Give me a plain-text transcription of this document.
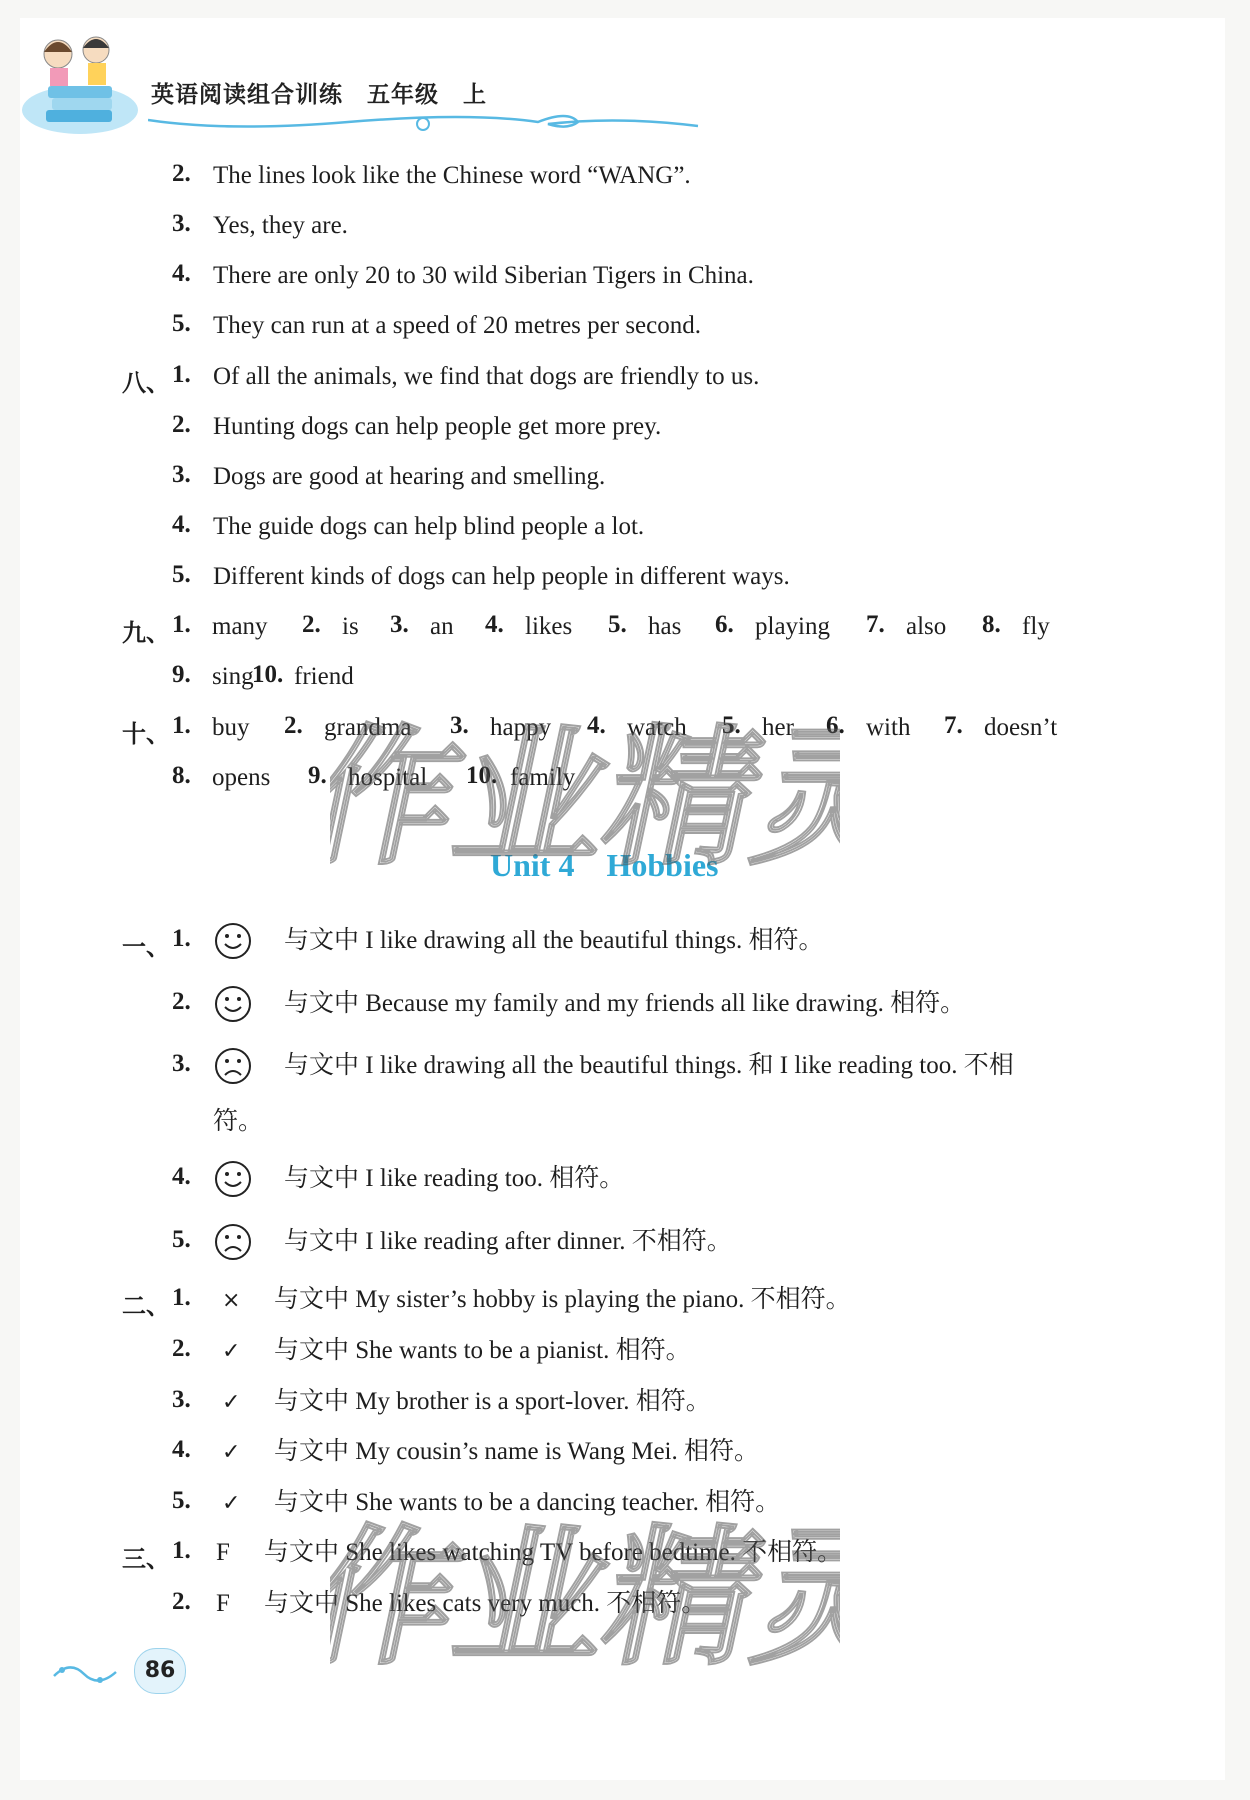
英语阅读组合训练　五年级　上
2. The lines look like the Chinese word “WANG”.
3. Yes, they are.
4. There are only 20 to 30 wild Siberian Tigers in China.
5. They can run at a speed of 20 metres per second.
八、 1. Of all the animals, we find that dogs are friendly to us.
2. Hunting dogs can help people get more prey.
3. Dogs are good at hearing and smelling.
4. The guide dogs can help blind people a lot.
5. Different kinds of dogs can help people in different ways.
九、 1. many 2. is 3. an 4. likes 5. has 6. playing 7. also 8. fly
9. sing
10. friend
十、 1. buy 2. grandma 3. happy 4. watch 5. her 6. with 7. doesn’t
8. opens 9. hospital 10. family
Unit 4　Hobbies
一、 1.	与文中 I like drawing all the beautiful things. 相符。
2.	与文中 Because my family and my friends all like drawing. 相符。
3.	与文中 I like drawing all the beautiful things. 和 I like reading too. 不相
符。
4.	与文中 I like reading too. 相符。
5.	与文中 I like reading after dinner. 不相符。
二、 1. × 与文中 My sister’s hobby is playing the piano. 不相符。
2. ✓ 与文中 She wants to be a pianist. 相符。
3. ✓ 与文中 My brother is a sport-lover. 相符。
4. ✓ 与文中 My cousin’s name is Wang Mei. 相符。
5. ✓ 与文中 She wants to be a dancing teacher. 相符。
三、 1. F 与文中 She likes watching TV before bedtime. 不相符。
2. F 与文中 She likes cats very much. 不相符。
86
作业精灵
作业精灵
